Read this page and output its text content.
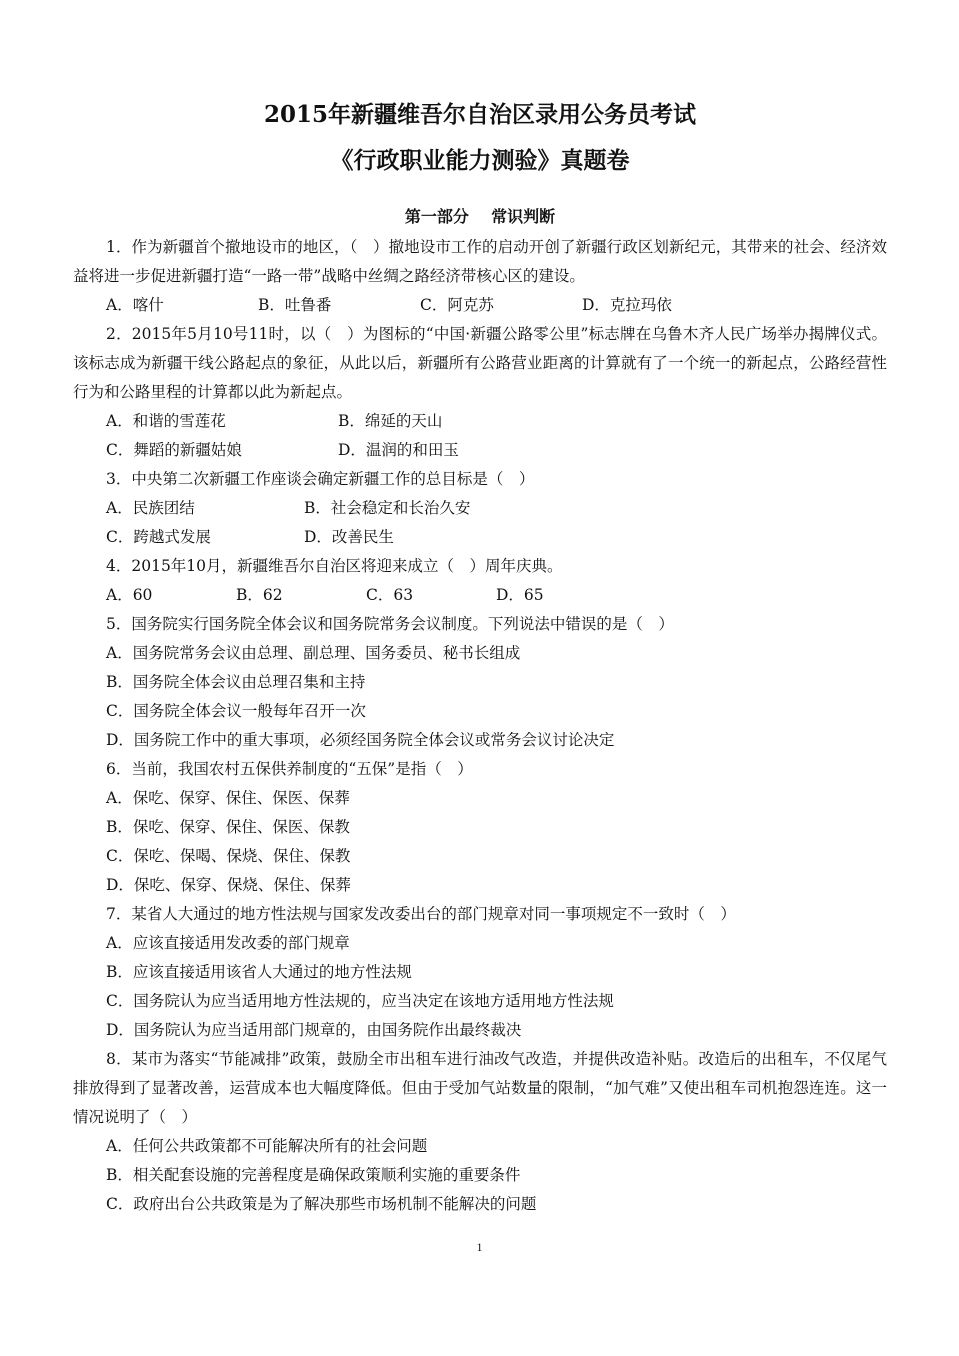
2015年新疆维吾尔自治区录用公务员考试
《行政职业能力测验》真题卷
第一部分 常识判断

1．作为新疆首个撤地设市的地区，（　）撤地设市工作的启动开创了新疆行政区划新纪元，其带来的社会、经济效益将进一步促进新疆打造“一路一带”战略中丝绸之路经济带核心区的建设。

A．喀什	B．吐鲁番	C．阿克苏	D．克拉玛依

2．2015年5月10号11时，以（　）为图标的“中国·新疆公路零公里”标志牌在乌鲁木齐人民广场举办揭牌仪式。该标志成为新疆干线公路起点的象征，从此以后，新疆所有公路营业距离的计算就有了一个统一的新起点，公路经营性行为和公路里程的计算都以此为新起点。

A．和谐的雪莲花	B．绵延的天山
C．舞蹈的新疆姑娘	D．温润的和田玉

3．中央第二次新疆工作座谈会确定新疆工作的总目标是（　）

A．民族团结	B．社会稳定和长治久安
C．跨越式发展	D．改善民生

4．2015年10月，新疆维吾尔自治区将迎来成立（　）周年庆典。

A．60	B．62	C．63	D．65

5．国务院实行国务院全体会议和国务院常务会议制度。下列说法中错误的是（　）

A．国务院常务会议由总理、副总理、国务委员、秘书长组成
B．国务院全体会议由总理召集和主持
C．国务院全体会议一般每年召开一次
D．国务院工作中的重大事项，必须经国务院全体会议或常务会议讨论决定

6．当前，我国农村五保供养制度的“五保”是指（　）

A．保吃、保穿、保住、保医、保葬
B．保吃、保穿、保住、保医、保教
C．保吃、保喝、保烧、保住、保教
D．保吃、保穿、保烧、保住、保葬

7．某省人大通过的地方性法规与国家发改委出台的部门规章对同一事项规定不一致时（　）

A．应该直接适用发改委的部门规章
B．应该直接适用该省人大通过的地方性法规
C．国务院认为应当适用地方性法规的，应当决定在该地方适用地方性法规
D．国务院认为应当适用部门规章的，由国务院作出最终裁决

8．某市为落实“节能减排”政策，鼓励全市出租车进行油改气改造，并提供改造补贴。改造后的出租车，不仅尾气排放得到了显著改善，运营成本也大幅度降低。但由于受加气站数量的限制，“加气难”又使出租车司机抱怨连连。这一情况说明了（　）

A．任何公共政策都不可能解决所有的社会问题
B．相关配套设施的完善程度是确保政策顺利实施的重要条件
C．政府出台公共政策是为了解决那些市场机制不能解决的问题
1
